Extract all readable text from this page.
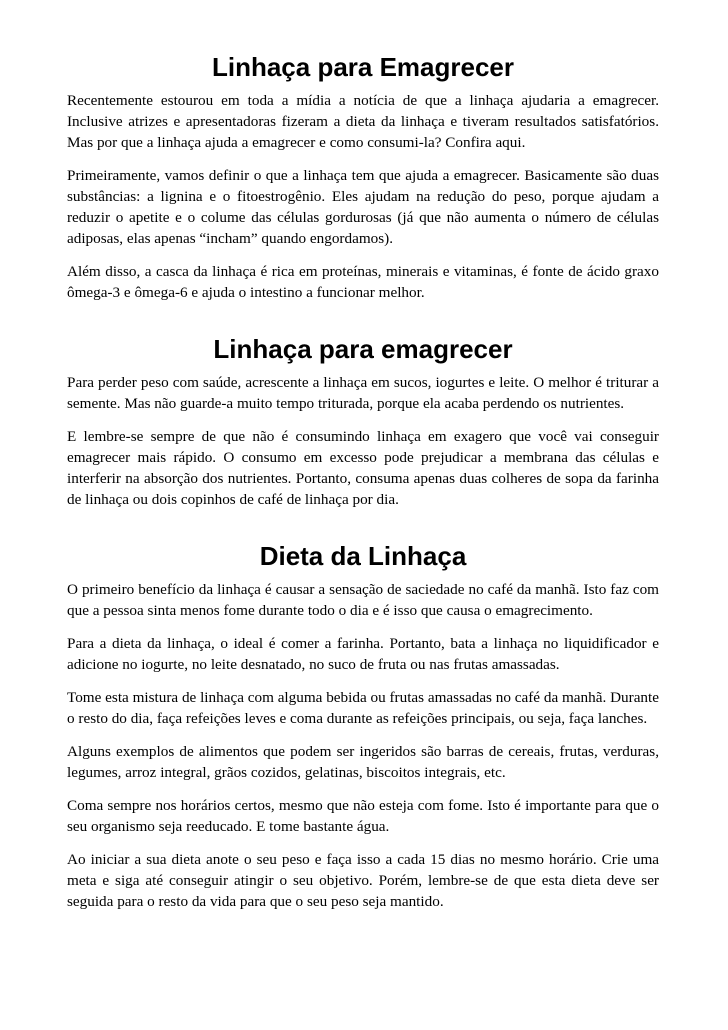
Linhaça para Emagrecer

Recentemente estourou em toda a mídia a notícia de que a linhaça ajudaria a emagrecer. Inclusive atrizes e apresentadoras fizeram a dieta da linhaça e tiveram resultados satisfatórios. Mas por que a linhaça ajuda a emagrecer e como consumi-la? Confira aqui.

Primeiramente, vamos definir o que a linhaça tem que ajuda a emagrecer. Basicamente são duas substâncias: a lignina e o fitoestrogênio. Eles ajudam na redução do peso, porque ajudam a reduzir o apetite e o colume das células gordurosas (já que não aumenta o número de células adiposas, elas apenas “incham” quando engordamos).

Além disso, a casca da linhaça é rica em proteínas, minerais e vitaminas, é fonte de ácido graxo ômega-3 e ômega-6 e ajuda o intestino a funcionar melhor.

Linhaça para emagrecer

Para perder peso com saúde, acrescente a linhaça em sucos, iogurtes e leite. O melhor é triturar a semente. Mas não guarde-a muito tempo triturada, porque ela acaba perdendo os nutrientes.

E lembre-se sempre de que não é consumindo linhaça em exagero que você vai conseguir emagrecer mais rápido. O consumo em excesso pode prejudicar a membrana das células e interferir na absorção dos nutrientes. Portanto, consuma apenas duas colheres de sopa da farinha de linhaça ou dois copinhos de café de linhaça por dia.

Dieta da Linhaça

O primeiro benefício da linhaça é causar a sensação de saciedade no café da manhã. Isto faz com que a pessoa sinta menos fome durante todo o dia e é isso que causa o emagrecimento.

Para a dieta da linhaça, o ideal é comer a farinha. Portanto, bata a linhaça no liquidificador e adicione no iogurte, no leite desnatado, no suco de fruta ou nas frutas amassadas.

Tome esta mistura de linhaça com alguma bebida ou frutas amassadas no café da manhã. Durante o resto do dia, faça refeições leves e coma durante as refeições principais, ou seja, faça lanches.

Alguns exemplos de alimentos que podem ser ingeridos são barras de cereais, frutas, verduras, legumes, arroz integral, grãos cozidos, gelatinas, biscoitos integrais, etc.

Coma sempre nos horários certos, mesmo que não esteja com fome. Isto é importante para que o seu organismo seja reeducado. E tome bastante água.

Ao iniciar a sua dieta anote o seu peso e faça isso a cada 15 dias no mesmo horário. Crie uma meta e siga até conseguir atingir o seu objetivo. Porém, lembre-se de que esta dieta deve ser seguida para o resto da vida para que o seu peso seja mantido.
